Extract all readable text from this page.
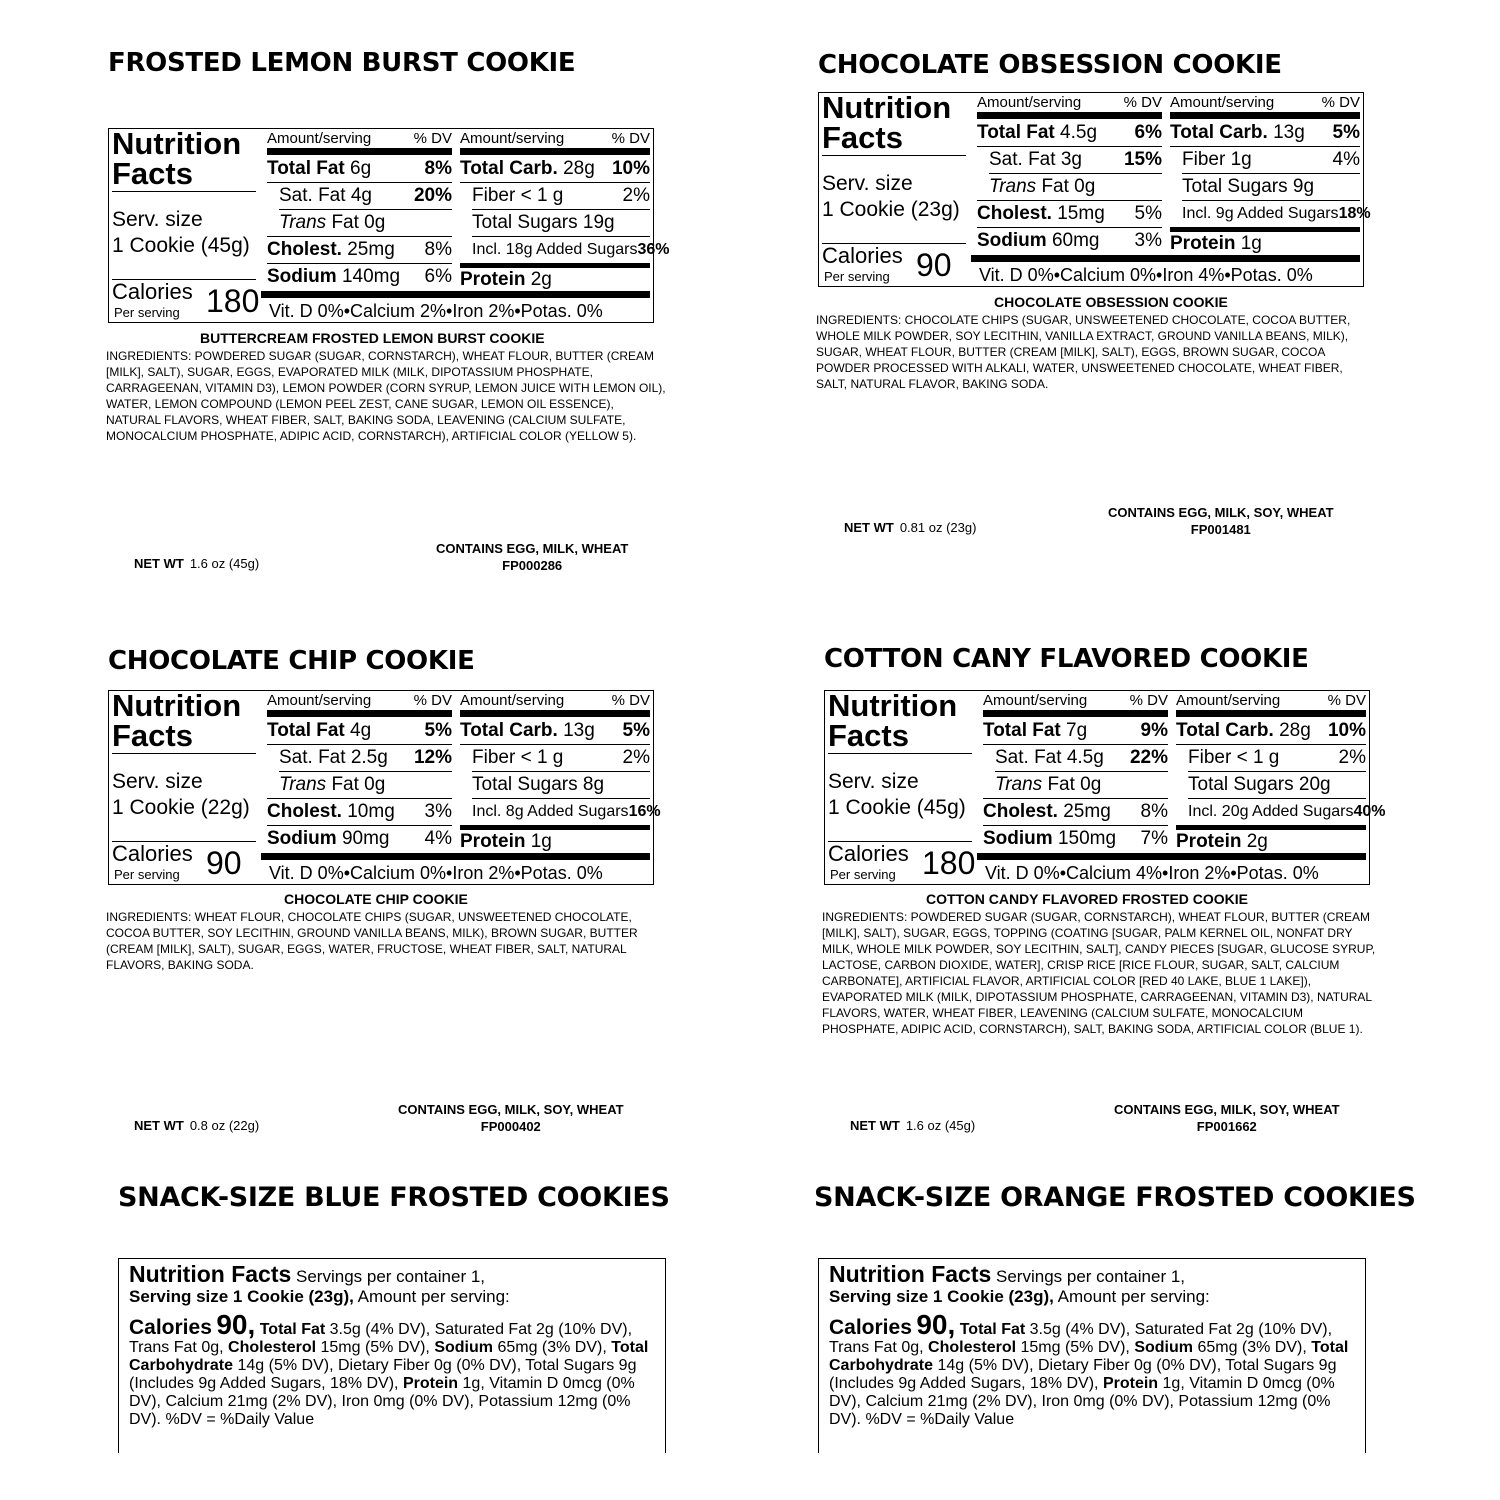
FROSTED LEMON BURST COOKIE
Nutrition Facts
Serv. size
1 Cookie (45g)
Calories 180
Per serving
Amount/serving	% DV
Total Fat 6g	8%
Sat. Fat 4g 20%
Trans Fat 0g
Cholest. 25mg 8%
Sodium 140mg 6%
Amount/serving	% DV
Total Carb. 28g 10%
Fiber < 1 g	2%
Total Sugars 19g
Incl. 18g Added Sugars 36%
Protein 2g
Vit. D 0%•Calcium 2%•Iron 2%•Potas. 0%
BUTTERCREAM FROSTED LEMON BURST COOKIE
INGREDIENTS: POWDERED SUGAR (SUGAR, CORNSTARCH), WHEAT FLOUR, BUTTER (CREAM [MILK], SALT), SUGAR, EGGS, EVAPORATED MILK (MILK, DIPOTASSIUM PHOSPHATE, CARRAGEENAN, VITAMIN D3), LEMON POWDER (CORN SYRUP, LEMON JUICE WITH LEMON OIL), WATER, LEMON COMPOUND (LEMON PEEL ZEST, CANE SUGAR, LEMON OIL ESSENCE), NATURAL FLAVORS, WHEAT FIBER, SALT, BAKING SODA, LEAVENING (CALCIUM SULFATE, MONOCALCIUM PHOSPHATE, ADIPIC ACID, CORNSTARCH), ARTIFICIAL COLOR (YELLOW 5).
CONTAINS EGG, MILK, WHEAT
FP000286
NET WT 1.6 oz (45g)
CHOCOLATE OBSESSION COOKIE
Nutrition Facts
Serv. size
1 Cookie (23g)
Calories 90
Per serving
Amount/serving	% DV
Total Fat 4.5g 6%
Sat. Fat 3g 15%
Trans Fat 0g
Cholest. 15mg 5%
Sodium 60mg 3%
Amount/serving	% DV
Total Carb. 13g 5%
Fiber 1g	4%
Total Sugars 9g
Incl. 9g Added Sugars 18%
Protein 1g
Vit. D 0%•Calcium 0%•Iron 4%•Potas. 0%
CHOCOLATE OBSESSION COOKIE
INGREDIENTS: CHOCOLATE CHIPS (SUGAR, UNSWEETENED CHOCOLATE, COCOA BUTTER, WHOLE MILK POWDER, SOY LECITHIN, VANILLA EXTRACT, GROUND VANILLA BEANS, MILK), SUGAR, WHEAT FLOUR, BUTTER (CREAM [MILK], SALT), EGGS, BROWN SUGAR, COCOA POWDER PROCESSED WITH ALKALI, WATER, UNSWEETENED CHOCOLATE, WHEAT FIBER, SALT, NATURAL FLAVOR, BAKING SODA.
CONTAINS EGG, MILK, SOY, WHEAT
FP001481
NET WT 0.81 oz (23g)
CHOCOLATE CHIP COOKIE
Nutrition Facts
Serv. size
1 Cookie (22g)
Calories 90
Per serving
Amount/serving	% DV
Total Fat 4g	5%
Sat. Fat 2.5g 12%
Trans Fat 0g
Cholest. 10mg 3%
Sodium 90mg 4%
Amount/serving	% DV
Total Carb. 13g 5%
Fiber < 1 g	2%
Total Sugars 8g
Incl. 8g Added Sugars 16%
Protein 1g
Vit. D 0%•Calcium 0%•Iron 2%•Potas. 0%
CHOCOLATE CHIP COOKIE
INGREDIENTS: WHEAT FLOUR, CHOCOLATE CHIPS (SUGAR, UNSWEETENED CHOCOLATE, COCOA BUTTER, SOY LECITHIN, GROUND VANILLA BEANS, MILK), BROWN SUGAR, BUTTER (CREAM [MILK], SALT), SUGAR, EGGS, WATER, FRUCTOSE, WHEAT FIBER, SALT, NATURAL FLAVORS, BAKING SODA.
CONTAINS EGG, MILK, SOY, WHEAT
FP000402
NET WT 0.8 oz (22g)
COTTON CANY FLAVORED COOKIE
Nutrition Facts
Serv. size
1 Cookie (45g)
Calories 180
Per serving
Amount/serving	% DV
Total Fat 7g	9%
Sat. Fat 4.5g 22%
Trans Fat 0g
Cholest. 25mg 8%
Sodium 150mg 7%
Amount/serving	% DV
Total Carb. 28g 10%
Fiber < 1 g	2%
Total Sugars 20g
Incl. 20g Added Sugars 40%
Protein 2g
Vit. D 0%•Calcium 4%•Iron 2%•Potas. 0%
COTTON CANDY FLAVORED FROSTED COOKIE
INGREDIENTS: POWDERED SUGAR (SUGAR, CORNSTARCH), WHEAT FLOUR, BUTTER (CREAM [MILK], SALT), SUGAR, EGGS, TOPPING (COATING [SUGAR, PALM KERNEL OIL, NONFAT DRY MILK, WHOLE MILK POWDER, SOY LECITHIN, SALT], CANDY PIECES [SUGAR, GLUCOSE SYRUP, LACTOSE, CARBON DIOXIDE, WATER], CRISP RICE [RICE FLOUR, SUGAR, SALT, CALCIUM CARBONATE], ARTIFICIAL FLAVOR, ARTIFICIAL COLOR [RED 40 LAKE, BLUE 1 LAKE]), EVAPORATED MILK (MILK, DIPOTASSIUM PHOSPHATE, CARRAGEENAN, VITAMIN D3), NATURAL FLAVORS, WATER, WHEAT FIBER, LEAVENING (CALCIUM SULFATE, MONOCALCIUM PHOSPHATE, ADIPIC ACID, CORNSTARCH), SALT, BAKING SODA, ARTIFICIAL COLOR (BLUE 1).
CONTAINS EGG, MILK, SOY, WHEAT
FP001662
NET WT 1.6 oz (45g)
SNACK-SIZE BLUE FROSTED COOKIES
Nutrition Facts Servings per container 1,
Serving size 1 Cookie (23g), Amount per serving:
Calories 90, Total Fat 3.5g (4% DV), Saturated Fat 2g (10% DV), Trans Fat 0g, Cholesterol 15mg (5% DV), Sodium 65mg (3% DV), Total Carbohydrate 14g (5% DV), Dietary Fiber 0g (0% DV), Total Sugars 9g (Includes 9g Added Sugars, 18% DV), Protein 1g, Vitamin D 0mcg (0% DV), Calcium 21mg (2% DV), Iron 0mg (0% DV), Potassium 12mg (0% DV). %DV = %Daily Value
SNACK-SIZE ORANGE FROSTED COOKIES
Nutrition Facts Servings per container 1,
Serving size 1 Cookie (23g), Amount per serving:
Calories 90, Total Fat 3.5g (4% DV), Saturated Fat 2g (10% DV), Trans Fat 0g, Cholesterol 15mg (5% DV), Sodium 65mg (3% DV), Total Carbohydrate 14g (5% DV), Dietary Fiber 0g (0% DV), Total Sugars 9g (Includes 9g Added Sugars, 18% DV), Protein 1g, Vitamin D 0mcg (0% DV), Calcium 21mg (2% DV), Iron 0mg (0% DV), Potassium 12mg (0% DV). %DV = %Daily Value
